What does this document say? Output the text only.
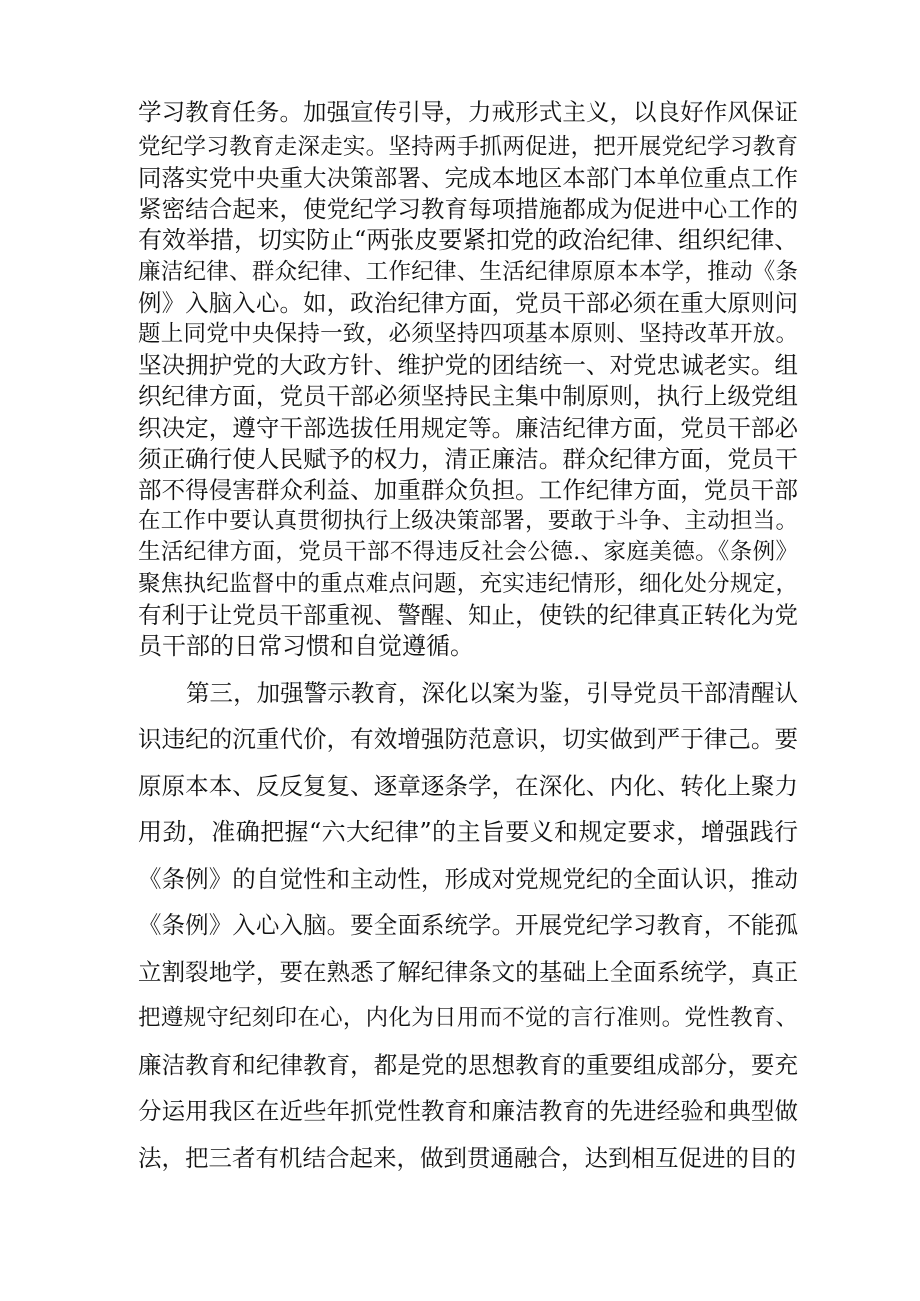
学习教育任务。加强宣传引导，力戒形式主义，以良好作风保证
党纪学习教育走深走实。坚持两手抓两促进，把开展党纪学习教育
同落实党中央重大决策部署、完成本地区本部门本单位重点工作
紧密结合起来，使党纪学习教育每项措施都成为促进中心工作的
有效举措，切实防止“两张皮要紧扣党的政治纪律、组织纪律、
廉洁纪律、群众纪律、工作纪律、生活纪律原原本本学，推动《条
例》入脑入心。如，政治纪律方面，党员干部必须在重大原则问
题上同党中央保持一致，必须坚持四项基本原则、坚持改革开放。
坚决拥护党的大政方针、维护党的团结统一、对党忠诚老实。组
织纪律方面，党员干部必须坚持民主集中制原则，执行上级党组
织决定，遵守干部选拔任用规定等。廉洁纪律方面，党员干部必
须正确行使人民赋予的权力，清正廉洁。群众纪律方面，党员干
部不得侵害群众利益、加重群众负担。工作纪律方面，党员干部
在工作中要认真贯彻执行上级决策部署，要敢于斗争、主动担当。
生活纪律方面，党员干部不得违反社会公德.、家庭美德。《条例》
聚焦执纪监督中的重点难点问题，充实违纪情形，细化处分规定，
有利于让党员干部重视、警醒、知止，使铁的纪律真正转化为党
员干部的日常习惯和自觉遵循。
第三，加强警示教育，深化以案为鉴，引导党员干部清醒认
识违纪的沉重代价，有效增强防范意识，切实做到严于律己。要
原原本本、反反复复、逐章逐条学，在深化、内化、转化上聚力
用劲，准确把握“六大纪律”的主旨要义和规定要求，增强践行
《条例》的自觉性和主动性，形成对党规党纪的全面认识，推动
《条例》入心入脑。要全面系统学。开展党纪学习教育，不能孤
立割裂地学，要在熟悉了解纪律条文的基础上全面系统学，真正
把遵规守纪刻印在心，内化为日用而不觉的言行准则。党性教育、
廉洁教育和纪律教育，都是党的思想教育的重要组成部分，要充
分运用我区在近些年抓党性教育和廉洁教育的先进经验和典型做
法，把三者有机结合起来，做到贯通融合，达到相互促进的目的
